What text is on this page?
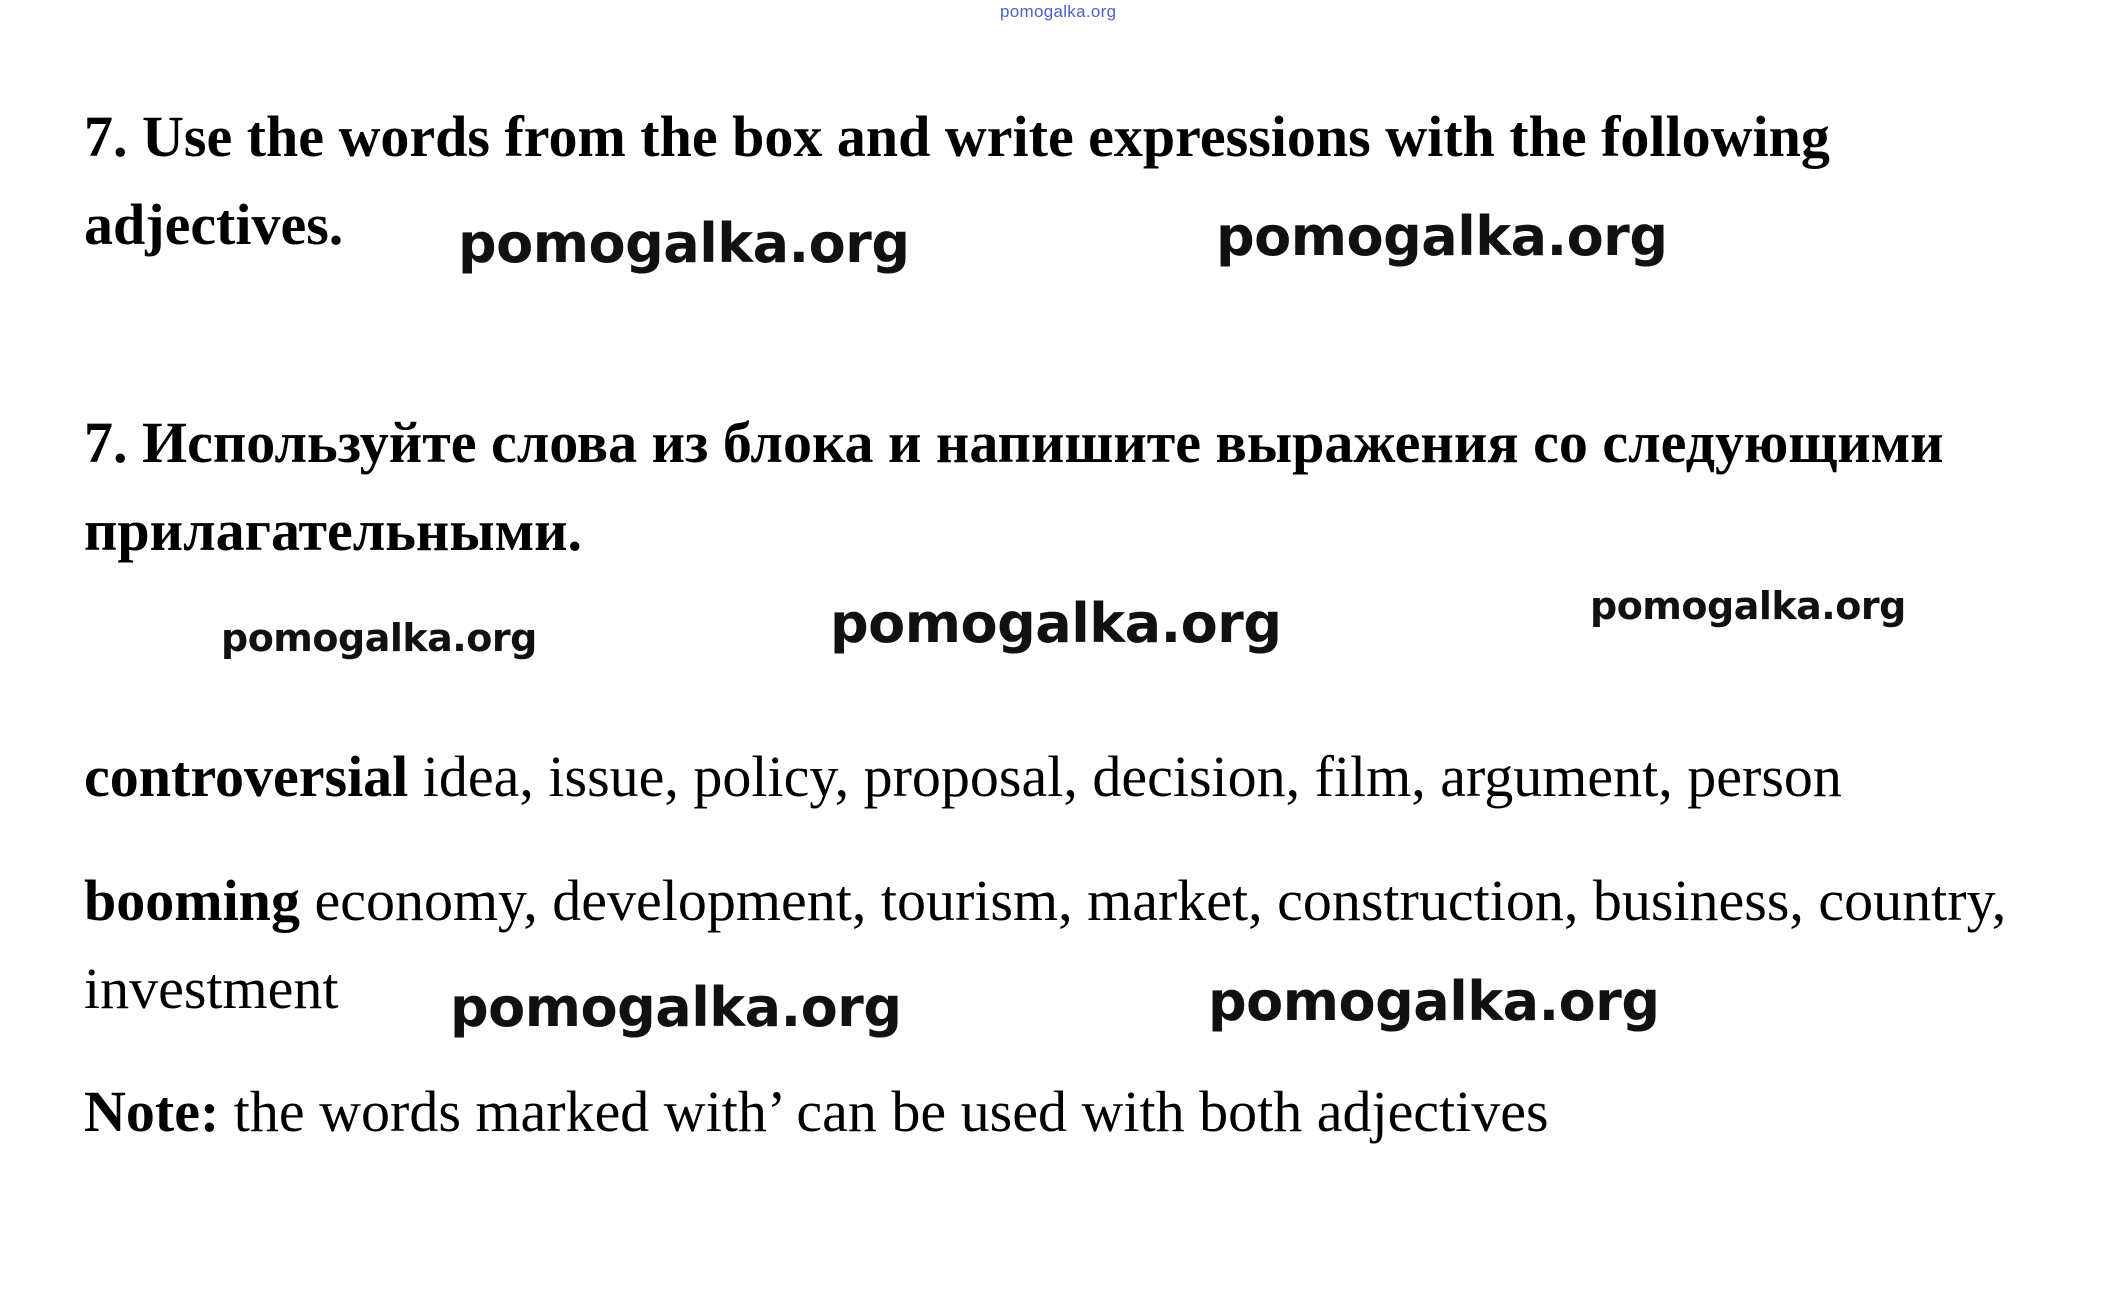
pomogalka.org
7. Use the words from the box and write expressions with the following
adjectives.
7. Используйте слова из блока и напишите выражения со следующими
прилагательными.

controversial idea, issue, policy, proposal, decision, film, argument, person

booming economy, development, tourism, market, construction, business, country,
investment

Note: the words marked with’ can be used with both adjectives

pomogalka.org	pomogalka.org
pomogalka.org	pomogalka.org	pomogalka.org
pomogalka.org	pomogalka.org
